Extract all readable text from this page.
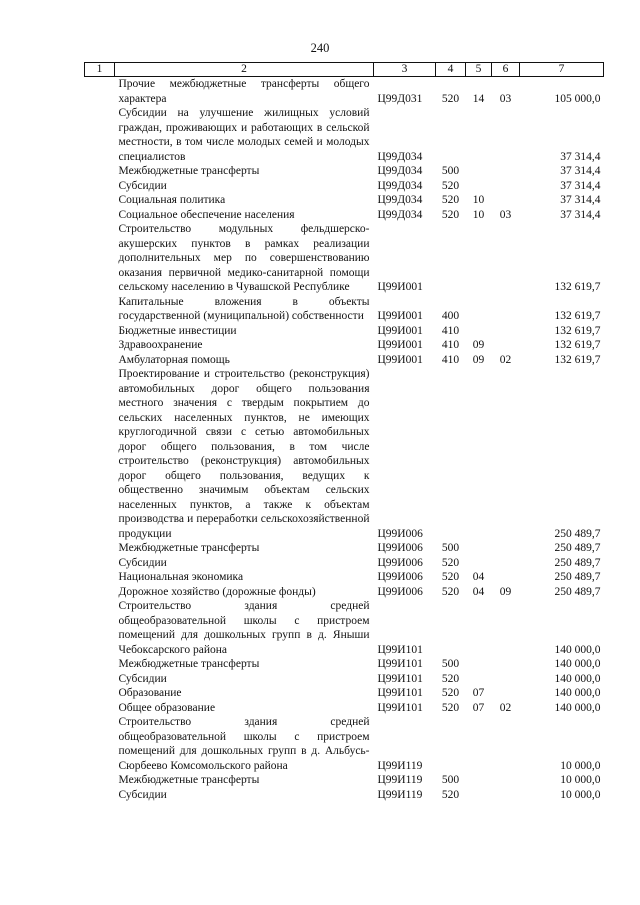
240
1	2	3	4	5	6	7
	Прочие межбюджетные трансферты общего характера	Ц99Д031	520	14	03	105 000,0
	Субсидии на улучшение жилищных условий граждан, проживающих и работающих в сельской местности, в том числе молодых семей и молодых специалистов	Ц99Д034				37 314,4
	Межбюджетные трансферты	Ц99Д034	500			37 314,4
	Субсидии	Ц99Д034	520			37 314,4
	Социальная политика	Ц99Д034	520	10		37 314,4
	Социальное обеспечение населения	Ц99Д034	520	10	03	37 314,4
	Строительство модульных фельдшерско-акушерских пунктов в рамках реализации дополнительных мер по совершенствованию оказания первичной медико-санитарной помощи сельскому населению в Чувашской Республике	Ц99И001				132 619,7
	Капитальные вложения в объекты государственной (муниципальной) собственности	Ц99И001	400			132 619,7
	Бюджетные инвестиции	Ц99И001	410			132 619,7
	Здравоохранение	Ц99И001	410	09		132 619,7
	Амбулаторная помощь	Ц99И001	410	09	02	132 619,7
	Проектирование и строительство (реконструкция) автомобильных дорог общего пользования местного значения с твердым покрытием до сельских населенных пунктов, не имеющих круглогодичной связи с сетью автомобильных дорог общего пользования, в том числе строительство (реконструкция) автомобильных дорог общего пользования, ведущих к общественно значимым объектам сельских населенных пунктов, а также к объектам производства и переработки сельскохозяйственной продукции	Ц99И006				250 489,7
	Межбюджетные трансферты	Ц99И006	500			250 489,7
	Субсидии	Ц99И006	520			250 489,7
	Национальная экономика	Ц99И006	520	04		250 489,7
	Дорожное хозяйство (дорожные фонды)	Ц99И006	520	04	09	250 489,7
	Строительство здания средней общеобразовательной школы с пристроем помещений для дошкольных групп в д. Яныши Чебоксарского района	Ц99И101				140 000,0
	Межбюджетные трансферты	Ц99И101	500			140 000,0
	Субсидии	Ц99И101	520			140 000,0
	Образование	Ц99И101	520	07		140 000,0
	Общее образование	Ц99И101	520	07	02	140 000,0
	Строительство здания средней общеобразовательной школы с пристроем помещений для дошкольных групп в д. Альбусь-Сюрбеево Комсомольского района	Ц99И119				10 000,0
	Межбюджетные трансферты	Ц99И119	500			10 000,0
	Субсидии	Ц99И119	520			10 000,0
